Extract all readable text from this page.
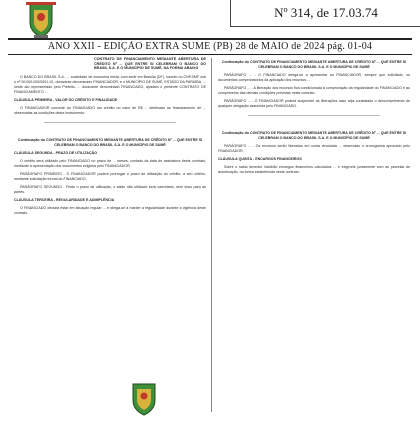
Nº 314, de 17.03.74
ANO XXII - EDIÇÃO EXTRA SUMÉ (PB) 28 de MAIO de 2024 pág. 01-04
CONTRATO DE FINANCIAMENTO MEDIANTE ABERTURA DE CRÉDITO Nº ... QUE ENTRE SI CELEBRAM O BANCO DO BRASIL S.A. E O MUNICÍPIO DE SUMÉ, NA FORMA ABAIXO

O BANCO DO BRASIL S.A., ... sociedade de economia mista, com sede em Brasília (DF), inscrito no CNPJ/MF sob o nº 00.000.000/0001-91, doravante denominado FINANCIADOR, e o MUNICÍPIO DE SUMÉ, ESTADO DA PARAÍBA, ... neste ato representado pelo Prefeito, ... doravante denominado FINANCIADO, ajustam o presente CONTRATO DE FINANCIAMENTO ...

CLÁUSULA PRIMEIRA - VALOR DO CRÉDITO E FINALIDADE

O FINANCIADOR concede ao FINANCIADO um crédito no valor de R$ ... destinado ao financiamento de ... observadas as condições deste instrumento.

Continuação do CONTRATO DE FINANCIAMENTO MEDIANTE ABERTURA DE CRÉDITO Nº ... QUE ENTRE SI CELEBRAM O BANCO DO BRASIL S.A. E O MUNICÍPIO DE SUMÉ
CLÁUSULA SEGUNDA - PRAZO DE UTILIZAÇÃO

O crédito será utilizado pelo FINANCIADO no prazo de ... meses, contado da data de assinatura deste contrato, mediante a apresentação dos documentos exigidos pelo FINANCIADOR.

PARÁGRAFO PRIMEIRO - O FINANCIADOR poderá prorrogar o prazo de utilização do crédito, a seu critério, mediante solicitação formal do FINANCIADO.

PARÁGRAFO SEGUNDO - Findo o prazo de utilização, o saldo não utilizado será cancelado, sem ônus para as partes.

CLÁUSULA TERCEIRA - REGULARIDADE E ADIMPLÊNCIA

O FINANCIADO declara estar em situação regular ... e obriga-se a manter a regularidade durante a vigência deste contrato.

Continuação do CONTRATO DE FINANCIAMENTO MEDIANTE ABERTURA DE CRÉDITO Nº ... QUE ENTRE SI CELEBRAM O BANCO DO BRASIL S.A. E O MUNICÍPIO DE SUMÉ

PARÁGRAFO ... - O FINANCIADO obriga-se a apresentar ao FINANCIADOR, sempre que solicitado, os documentos comprobatórios da aplicação dos recursos ...

PARÁGRAFO ... - A liberação dos recursos fica condicionada à comprovação da regularidade do FINANCIADO e ao cumprimento das demais condições previstas neste contrato.

PARÁGRAFO ... - O FINANCIADOR poderá suspender as liberações caso seja constatado o descumprimento de qualquer obrigação assumida pelo FINANCIADO.

Continuação do CONTRATO DE FINANCIAMENTO MEDIANTE ABERTURA DE CRÉDITO Nº ... QUE ENTRE SI CELEBRAM O BANCO DO BRASIL S.A. E O MUNICÍPIO DE SUMÉ

PARÁGRAFO ... - Os recursos serão liberados em conta vinculada ... observado o cronograma aprovado pelo FINANCIADOR.

CLÁUSULA QUINTA - ENCARGOS FINANCEIROS

Sobre o saldo devedor incidirão encargos financeiros calculados ... e exigíveis juntamente com as parcelas de amortização, na forma estabelecida neste contrato.
